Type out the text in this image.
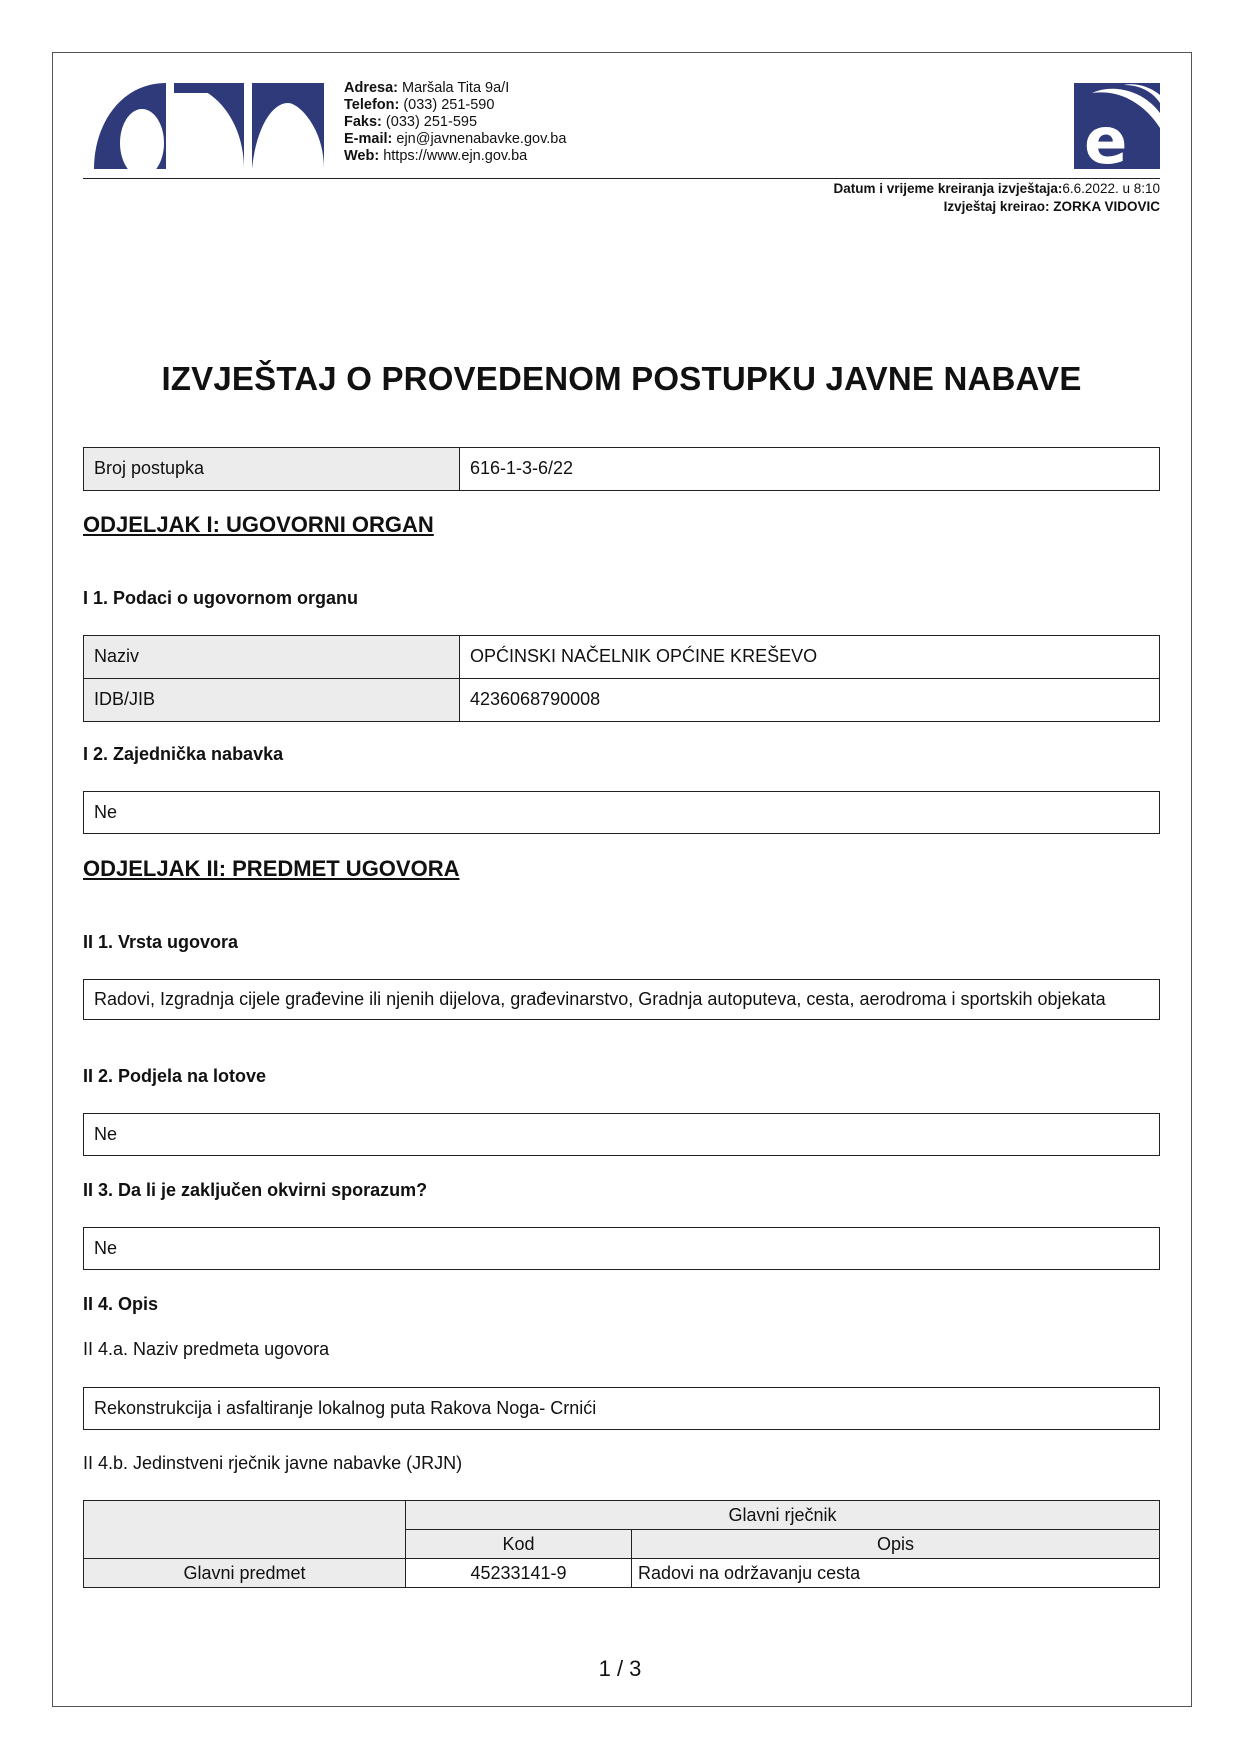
Adresa: Maršala Tita 9a/I
Telefon: (033) 251-590
Faks: (033) 251-595
E-mail: ejn@javnenabavke.gov.ba
Web: https://www.ejn.gov.ba	e
Datum i vrijeme kreiranja izvještaja:6.6.2022. u 8:10
Izvještaj kreirao: ZORKA VIDOVIC
IZVJEŠTAJ O PROVEDENOM POSTUPKU JAVNE NABAVE
Broj postupka	616-1-3-6/22
ODJELJAK I: UGOVORNI ORGAN
I 1. Podaci o ugovornom organu
Naziv	OPĆINSKI NAČELNIK OPĆINE KREŠEVO
IDB/JIB	4236068790008
I 2. Zajednička nabavka
Ne
ODJELJAK II: PREDMET UGOVORA
II 1. Vrsta ugovora
Radovi, Izgradnja cijele građevine ili njenih dijelova, građevinarstvo, Gradnja autoputeva, cesta, aerodroma i sportskih objekata
II 2. Podjela na lotove
Ne
II 3. Da li je zaključen okvirni sporazum?
Ne
II 4. Opis
II 4.a. Naziv predmeta ugovora
Rekonstrukcija i asfaltiranje lokalnog puta Rakova Noga- Crnići
II 4.b. Jedinstveni rječnik javne nabavke (JRJN)
	Glavni rječnik	
	Kod	Opis
Glavni predmet	45233141-9	Radovi na održavanju cesta
1 / 3
